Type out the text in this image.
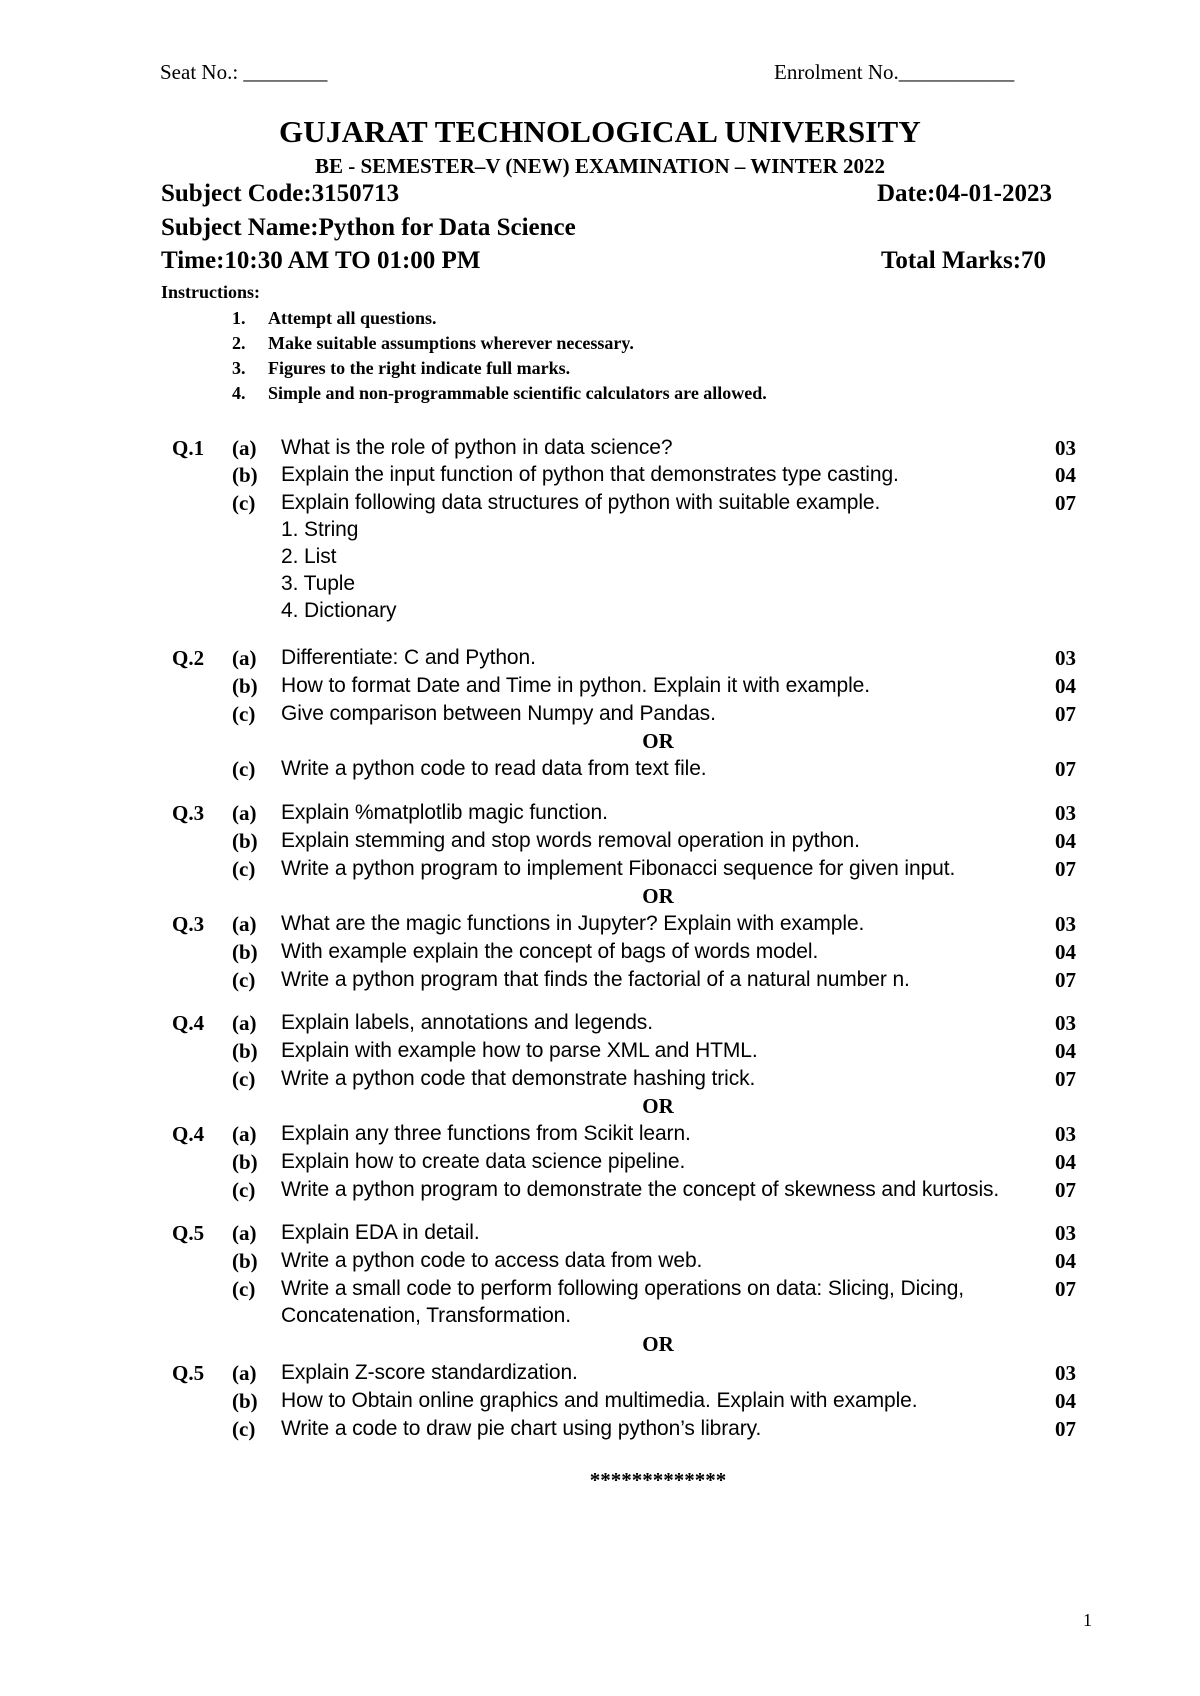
Seat No.: ________	Enrolment No.___________
GUJARAT TECHNOLOGICAL UNIVERSITY
BE - SEMESTER–V (NEW) EXAMINATION – WINTER 2022
Subject Code:3150713	Date:04-01-2023
Subject Name:Python for Data Science
Time:10:30 AM TO 01:00 PM	Total Marks:70
Instructions:
1. Attempt all questions.
2. Make suitable assumptions wherever necessary.
3. Figures to the right indicate full marks.
4. Simple and non-programmable scientific calculators are allowed.
Q.1 (a) What is the role of python in data science?	03
(b) Explain the input function of python that demonstrates type casting.	04
(c) Explain following data structures of python with suitable example.	07
1. String
2. List
3. Tuple
4. Dictionary
Q.2 (a) Differentiate: C and Python.	03
(b) How to format Date and Time in python. Explain it with example.	04
(c) Give comparison between Numpy and Pandas.	07
OR
(c) Write a python code to read data from text file.	07
Q.3 (a) Explain %matplotlib magic function.	03
(b) Explain stemming and stop words removal operation in python.	04
(c) Write a python program to implement Fibonacci sequence for given input.	07
OR
Q.3 (a) What are the magic functions in Jupyter? Explain with example.	03
(b) With example explain the concept of bags of words model.	04
(c) Write a python program that finds the factorial of a natural number n.	07
Q.4 (a) Explain labels, annotations and legends.	03
(b) Explain with example how to parse XML and HTML.	04
(c) Write a python code that demonstrate hashing trick.	07
OR
Q.4 (a) Explain any three functions from Scikit learn.	03
(b) Explain how to create data science pipeline.	04
(c) Write a python program to demonstrate the concept of skewness and kurtosis.	07
Q.5 (a) Explain EDA in detail.	03
(b) Write a python code to access data from web.	04
(c) Write a small code to perform following operations on data: Slicing, Dicing,	07
Concatenation, Transformation.
OR
Q.5 (a) Explain Z-score standardization.	03
(b) How to Obtain online graphics and multimedia. Explain with example.	04
(c) Write a code to draw pie chart using python’s library.	07
*************
1
